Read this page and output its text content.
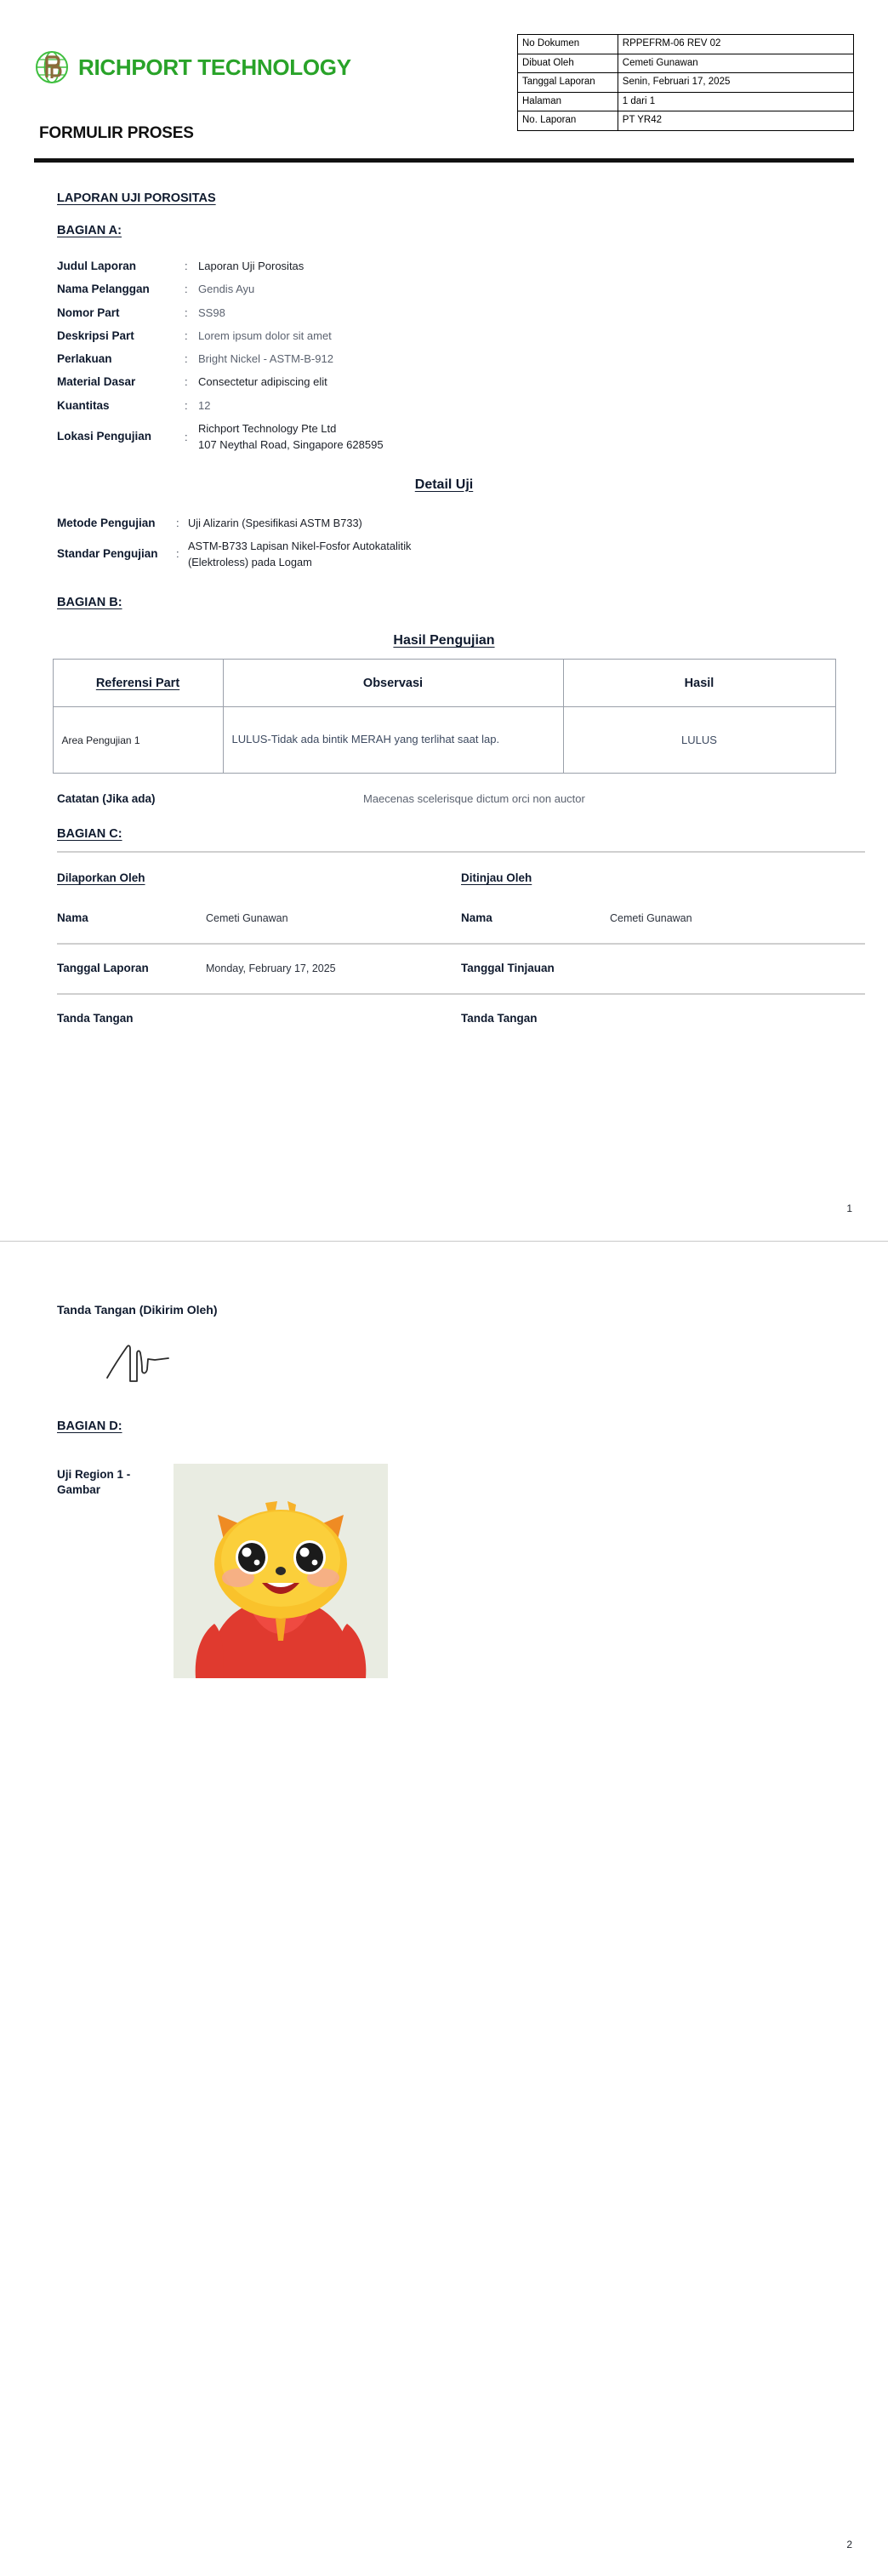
RICHPORT TECHNOLOGY
FORMULIR PROSES
No Dokumen	RPPEFRM-06 REV 02
Dibuat Oleh	Cemeti Gunawan
Tanggal Laporan	Senin, Februari 17, 2025
Halaman	1 dari 1
No. Laporan	PT YR42
LAPORAN UJI POROSITAS
BAGIAN A:
Judul Laporan	: Laporan Uji Porositas
Nama Pelanggan	: Gendis Ayu
Nomor Part	: SS98
Deskripsi Part	: Lorem ipsum dolor sit amet
Perlakuan	: Bright Nickel - ASTM-B-912
Material Dasar	: Consectetur adipiscing elit
Kuantitas	: 12
Lokasi Pengujian	:
Richport Technology Pte Ltd
107 Neythal Road, Singapore 628595
Detail Uji
Metode Pengujian	: Uji Alizarin (Spesifikasi ASTM B733)
Standar Pengujian	:
ASTM-B733 Lapisan Nikel-Fosfor Autokatalitik
(Elektroless) pada Logam
BAGIAN B:
Hasil Pengujian
Referensi Part	Observasi	Hasil
Area Pengujian 1	LULUS-Tidak ada bintik MERAH yang terlihat saat lap.	LULUS
Catatan (Jika ada)	Maecenas scelerisque dictum orci non auctor
BAGIAN C:
Dilaporkan Oleh	Ditinjau Oleh
Nama	Cemeti Gunawan	Nama	Cemeti Gunawan
Tanggal Laporan	Monday, February 17, 2025	Tanggal Tinjauan
Tanda Tangan	Tanda Tangan
1
Tanda Tangan (Dikirim Oleh)
BAGIAN D:
Uji Region 1 - Gambar
2
